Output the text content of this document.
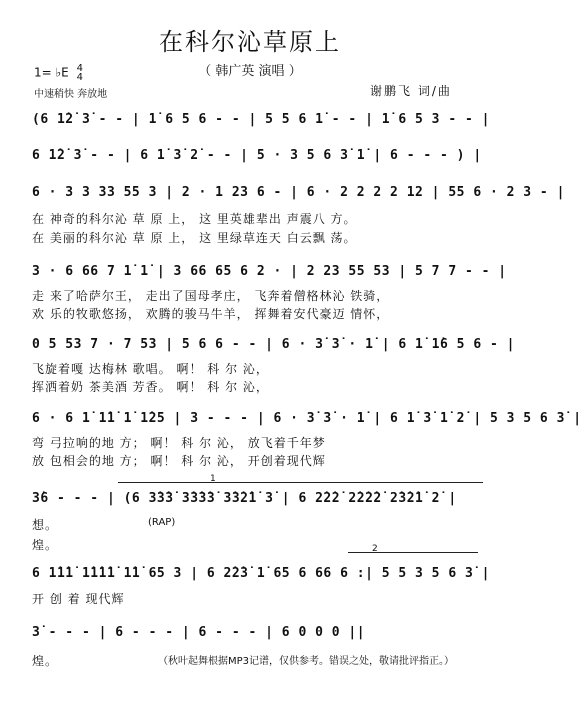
在科尔沁草原上
（ 韩广英 演唱 ）
1= ♭E 4
4
中速稍快 奔放地	谢鹏飞 词/曲
(6 1̇2̇ 3̇ - - | 1̇ 6 5 6 - - | 5 5 6 1̇ - - | 1̇ 6 5 3 - - |
6 1̇2̇ 3̇ - - | 6 1̇ 3̇ 2̇ - - | 5 · 3 5 6 3̇ 1̇ | 6 - - - ) |
6 · 3 3 33 55 3 | 2 · 1 23 6 - | 6 · 2 2 2 2 12 | 55 6 · 2 3 - |
在 神奇的科尔沁 草 原 上， 这 里英雄辈出 声震八 方。
在 美丽的科尔沁 草 原 上， 这 里绿草连天 白云飘 荡。
3 · 6 66 7 1̇ 1̇ | 3 66 65 6 2 · | 2 23 55 53 | 5 7 7 - - |
走 来了哈萨尔王， 走出了国母孝庄， 飞奔着僧格林沁 铁骑，
欢 乐的牧歌悠扬， 欢腾的骏马牛羊， 挥舞着安代豪迈 情怀，
0 5 53 7 · 7 53 | 5 6 6 - - | 6 · 3̇ 3̇ · 1̇ | 6 1̇ 1̇6 5 6 - |
飞旋着嘎 达梅林 歌唱。 啊！ 科 尔 沁，
挥洒着奶 茶美酒 芳香。 啊！ 科 尔 沁，
6 · 6 1̇ 1̇1̇ 1̇ 1̇25 | 3 - - - | 6 · 3̇ 3̇ · 1̇ | 6 1̇ 3̇ 1̇ 2̇ | 5 3 5 6 3̇ |
弯 弓拉响的地 方； 啊！ 科 尔 沁， 放飞着千年梦
放 包相会的地 方； 啊！ 科 尔 沁， 开创着现代辉
1
3̇6 - - - | (6 3̇3̇3̇ 3̇3̇3̇3̇ 3̇3̇2̇1̇ 3̇ | 6 2̇2̇2̇ 2̇2̇2̇2̇ 2̇3̇2̇1̇ 2̇ |
想。	(RAP)
煌。	2
6 1̇1̇1̇ 1̇1̇1̇1̇ 1̇1̇ 65 3 | 6 2̇2̇3̇ 1̇ 65 6 66 6 :| 5 5 3 5 6 3̇ |
开 创 着 现代辉
3̇ - - - | 6 - - - | 6 - - - | 6 0 0 0 ||
煌。	（秋叶起舞根据MP3记谱，仅供参考。错误之处，敬请批评指正。）
